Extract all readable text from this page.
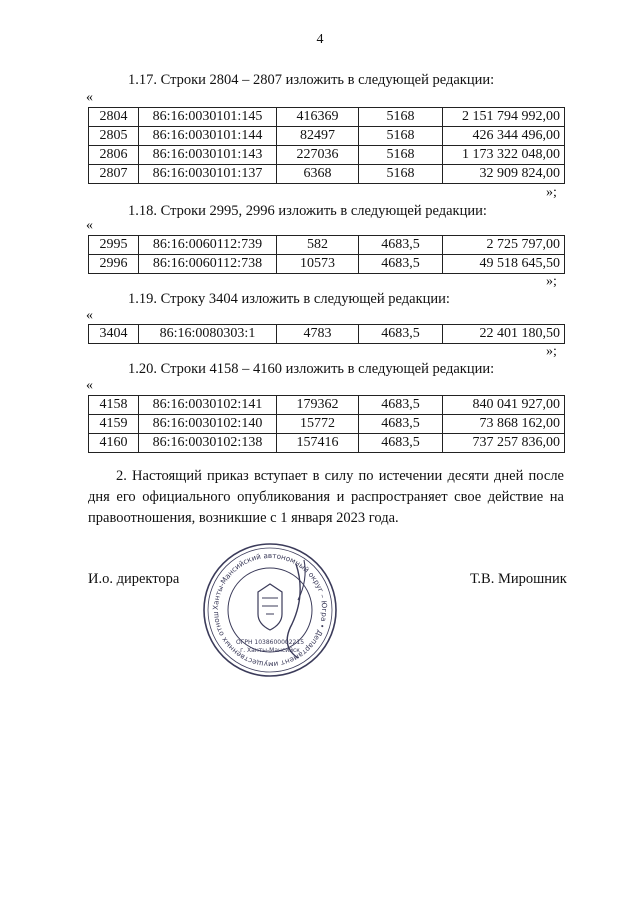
4
1.17. Строки 2804 – 2807 изложить в следующей редакции:
«
2804	86:16:0030101:145	416369	5168	2 151 794 992,00
2805	86:16:0030101:144	82497	5168	426 344 496,00
2806	86:16:0030101:143	227036	5168	1 173 322 048,00
2807	86:16:0030101:137	6368	5168	32 909 824,00
»;
1.18. Строки 2995, 2996 изложить в следующей редакции:
«
2995	86:16:0060112:739	582	4683,5	2 725 797,00
2996	86:16:0060112:738	10573	4683,5	49 518 645,50
»;
1.19. Строку 3404 изложить в следующей редакции:
«
3404	86:16:0080303:1	4783	4683,5	22 401 180,50
»;
1.20. Строки 4158 – 4160 изложить в следующей редакции:
«
4158	86:16:0030102:141	179362	4683,5	840 041 927,00
4159	86:16:0030102:140	15772	4683,5	73 868 162,00
4160	86:16:0030102:138	157416	4683,5	737 257 836,00
2. Настоящий приказ вступает в силу по истечении десяти дней после дня его официального опубликования и распространяет свое действие на правоотношения, возникшие с 1 января 2023 года.
И.о. директора	Т.В. Мирошник
Ханты-Мансийский автономный округ – Югра • Департамент имущественных отнош
ОГРН 1038600002215
г. Ханты-Мансийск
